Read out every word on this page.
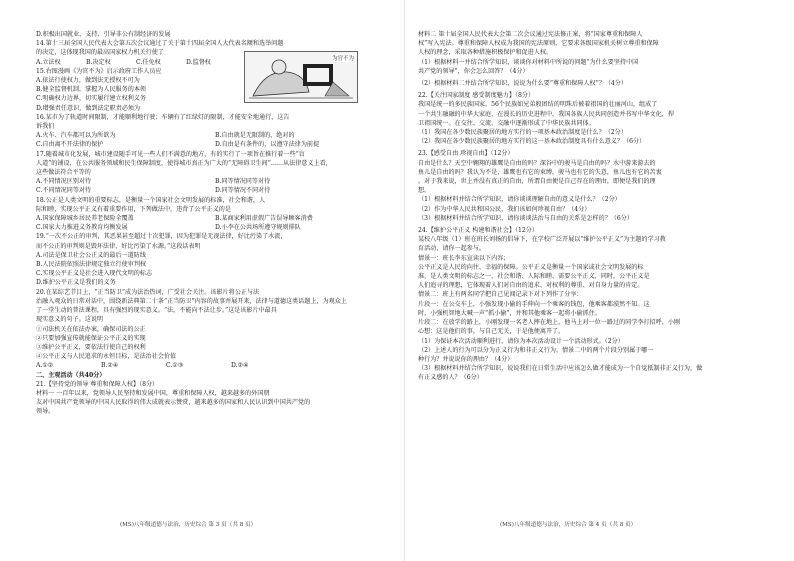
D.积极出国就业、支持、引导非公有制经济的发展
14.第十三届全国人民代表大会第五次会议通过了关于第十四届全国人大代表名额和选举问题
的决定，这体现我国的最高国家权力机关行使了
A.立法权	B.决定权	C.任免权	D.监督权
15.右图漫画《为官不为》启示政府工作人员应
A.依法行使权力，做到法无授权不可为
B.健全监督机制，掌握为人民服务的本领
C.明确权力边界，切实履行建立权利义务
D.增强责任意识，做到法定职责必须为
16.某市为了轨道时间限制，才能顺利地行驶；车辆有了红绿灯的限制，才能安全地通行，这告
诉我们
A.火车、汽车都可以为所欲为	B.自由就是无限制的、绝对的
C.自由离不开法律的保护	D.自由是有条件的，以遵守法律为前提
17.随着城市化发展，城市建设随手可见一些人们不满意的地方，有的实行了一项旨在推行着一些“盲
人道”的铺设，在公共服务领域和民生保障制度，使得城市真正为广大的“无障碍卫生间”……从法律意义上看，
这些做法符合平等的
A.不同情况区别对待	B.同等情况同等对待
C.不同情况同等对待	D.同等情况不同对待
18.公正是人类文明的重要标志，是衡量一个国家社会文明发展的标准，社会和谐，人
际和睦，实现公平正义有着重要作用，下列做法中，违背了公平正义的是
A.国家保障城乡居民养老保险全覆盖	B.某商家利用虚假广告误导顾客消费
C.国家大力推进义务教育均衡发展	D.小李在公共场所遵守规则排队
19.“一次不公正的审判，其恶果甚至超过十次犯罪，因为犯罪是无视法律，好比污染了水流，
而不公正的审判则是毁坏法律，好比污染了水源。”这段话表明
A.司法是保卫社会公正义的最后一道防线
B.人民法院依照法律规定独立行使审判权
C.实现公平正义是社会进入现代文明的标志
D.维护公平正义是我们的义务
20.在某综艺节目上，“正当防卫”成为法治热词，广受社会关注。该影片将公正与法
治融入观众的日常对话中，围绕新法典第二十条“正当防卫”内容的故事并展开来，法律与道德这类话题上，为观众上
了一堂生动的普法课程，具有强烈的现实意义。“法，不能向不法让步。”这是该影片中最具
现实意义的句子。这说明
①司法机关在依法办案，确保司法的公正
②只要加强宣传就能保证公平正义的实现
③维护公平正义，要依法行使自己的权利
④公平正义与人民追求的永恒目标，是法治社会价值
A.①②	B.②④	C.①③	D.②④
二、主观活动（共40分）
21.【坚持党的领导 尊重和保障人权】（8分）
材料一 一百年以来，党领导人民坚持和发展中国，尊重和保障人权，越来越多的外国朋
友对中国共产党领导的中国人民取得的伟大成就表示赞赏，越来越多的国家和人民认识到中国共产党的
领导。
为官不为
(MS)八年级道德与法治，历史综合 第 3 页（共 8 页）
材料二 第十届全国人民代表大会第二次会议通过宪法修正案，将“国家尊重和保障人
权”写入宪法。尊重和保障人权成为我国的宪法原则，它要求各级国家机关树立尊重和保障
人权的理念，采取各种措施积极保护和促进人权。
（1）根据材料一并结合所学知识，谈谈你对材料中所说的问题“为什么要坚持中国
共产党的领导”，你会怎么回答？（4分）
（2）根据材料二并结合所学知识，说说为什么要“尊重和保障人权”？（4分）
22.【关注国家制度 感受制度魅力】（8分）
我国是统一的多民族国家。56个民族如兄弟般团结的明珠后被着祖国的壮丽河山，组成了
一个共生融融的中华大家庭，在漫长的历史进程中，我国各族人民共同创造并书写中华文化，捍
卫祖国统一。在交往、交流、交融中逐渐形成了中华民族共同体。
（1）我国在各少数民族聚居的地方实行的一项基本政治制度是什么？（2分）
（2）我国在各少数民族聚居的地方实行的这一基本政治制度具有什么意义？（6分）
23.【感受自由 珍视自由】（12分）
自由是什么？天空中翱翔的雄鹰是自由的吗？深谷中的骏马是自由的吗？水中游来游去的
鱼儿是自由的吗？我认为不是，雄鹰也有它的束缚，骏马也有它的失意，鱼儿也有它的苦衷
。对于我来说，世上并没有真正的自由，所谓自由便是自己存在的理由，即便是我们的理
想。
（1）根据材料并结合所学知识，请你谈谈理解自由的意义是什么？（2分）
（2）作为中华人民共和国公民，我们该如何珍视自由？（4分）
（3）根据材料并结合所学知识，请你谈谈法治与自由的关系是怎样的？（6分）
24.【维护公平正义 构建和谐社会】（12分）
某校八年级（1）班在班长刘扬的倡导下，在学校广泛开展以“维护公平正义”为主题的学习教
育活动，请你一起参与。
情景一：班长李东宣读以下内容；
公平正义是人民的向往、幸福的保障。公平正义是衡量一个国家或社会文明发展的标
准，是人类文明的标志之一，社会和谐、人际和睦、需要公平正义，同时，公平正义是
人们追寻的理想，它体现着人们对自由的追求、对权利的尊重、对自身力量的肯定。
情景二：班上有两名同学把自己见闻记录下对下列作了分享：
片段一：在公交车上，小强发现小偷的手伸向一个乘客的钱包，他乘客都漠然不知。这
时，小强机智地大喊一声“抓小偷”，并和其他乘客一起将小偷抓住。
片段二：在放学的路上，小刚发现一名老人摔在地上，他马上对一位一路过的同学李打招呼，小刚
心想：这是他们的事，与自己无关，于是他便离开了。
（1）为保证本次活动顺利进行，请你为本次活动设计一个活动形式。（2分）
（2）上述人的行为可以分为正义行为和非正义行为，情景二中的两个片段分别属于哪一
种行为？并说说你的理由？（4分）
（3）根据材料并结合所学知识，说说我们在日常生活中应该怎么做才能成为一个自觉抵制非正义行为，做
有正义感的人？（6分）
(MS)八年级道德与法治，历史综合 第 4 页（共 8 页）
